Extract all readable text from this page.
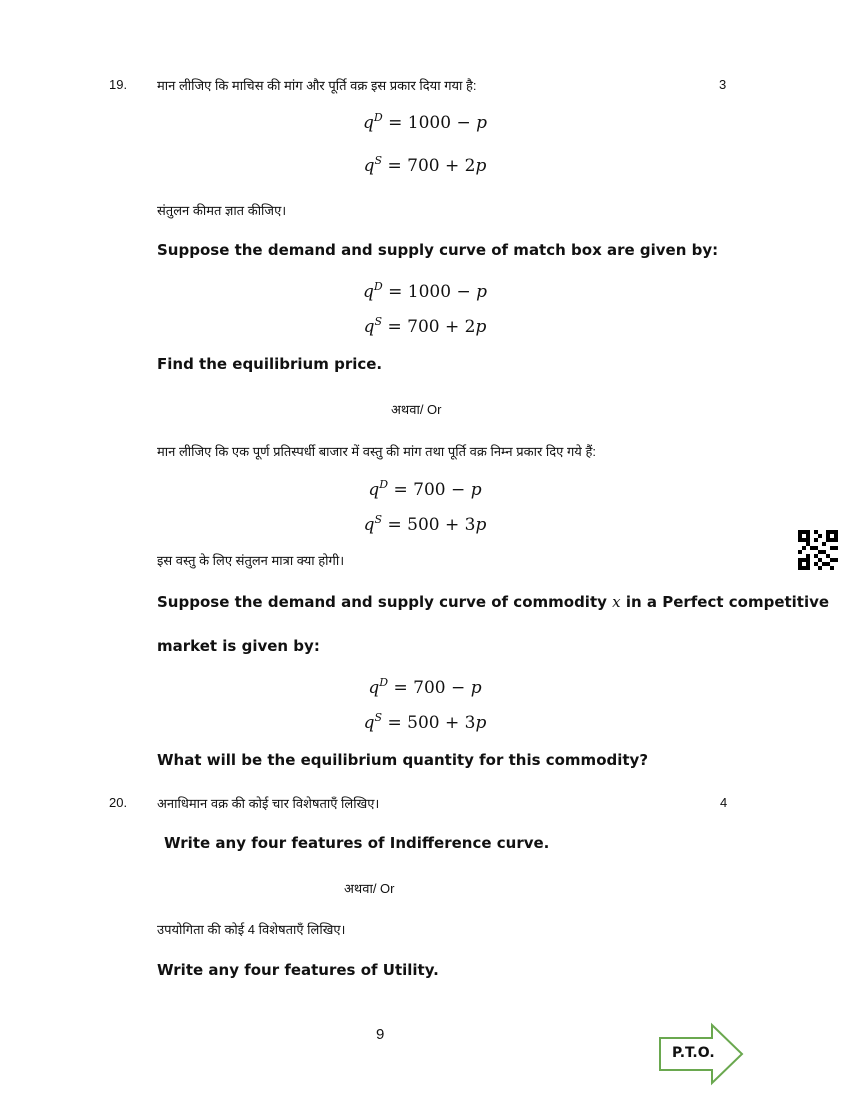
19. मान लीजिए कि माचिस की मांग और पूर्ति वक्र इस प्रकार दिया गया है:	3
$q^D = 1000 - p$
$q^S = 700 + 2p$
संतुलन कीमत ज्ञात कीजिए।
Suppose the demand and supply curve of match box are given by:
$q^D = 1000 - p$
$q^S = 700 + 2p$
Find the equilibrium price.
अथवा/ Or
मान लीजिए कि एक पूर्ण प्रतिस्पर्धी बाजार में वस्तु की मांग तथा पूर्ति वक्र निम्न प्रकार दिए गये हैं:
$q^D = 700 - p$
$q^S = 500 + 3p$
इस वस्तु के लिए संतुलन मात्रा क्या होगी।
Suppose the demand and supply curve of commodity x in a Perfect competitive
market is given by:
$q^D = 700 - p$
$q^S = 500 + 3p$
What will be the equilibrium quantity for this commodity?
20. अनाधिमान वक्र की कोई चार विशेषताएँ लिखिए।	4
Write any four features of Indifference curve.
अथवा/ Or
उपयोगिता की कोई 4 विशेषताएँ लिखिए।
Write any four features of Utility.
9
P.T.O.
